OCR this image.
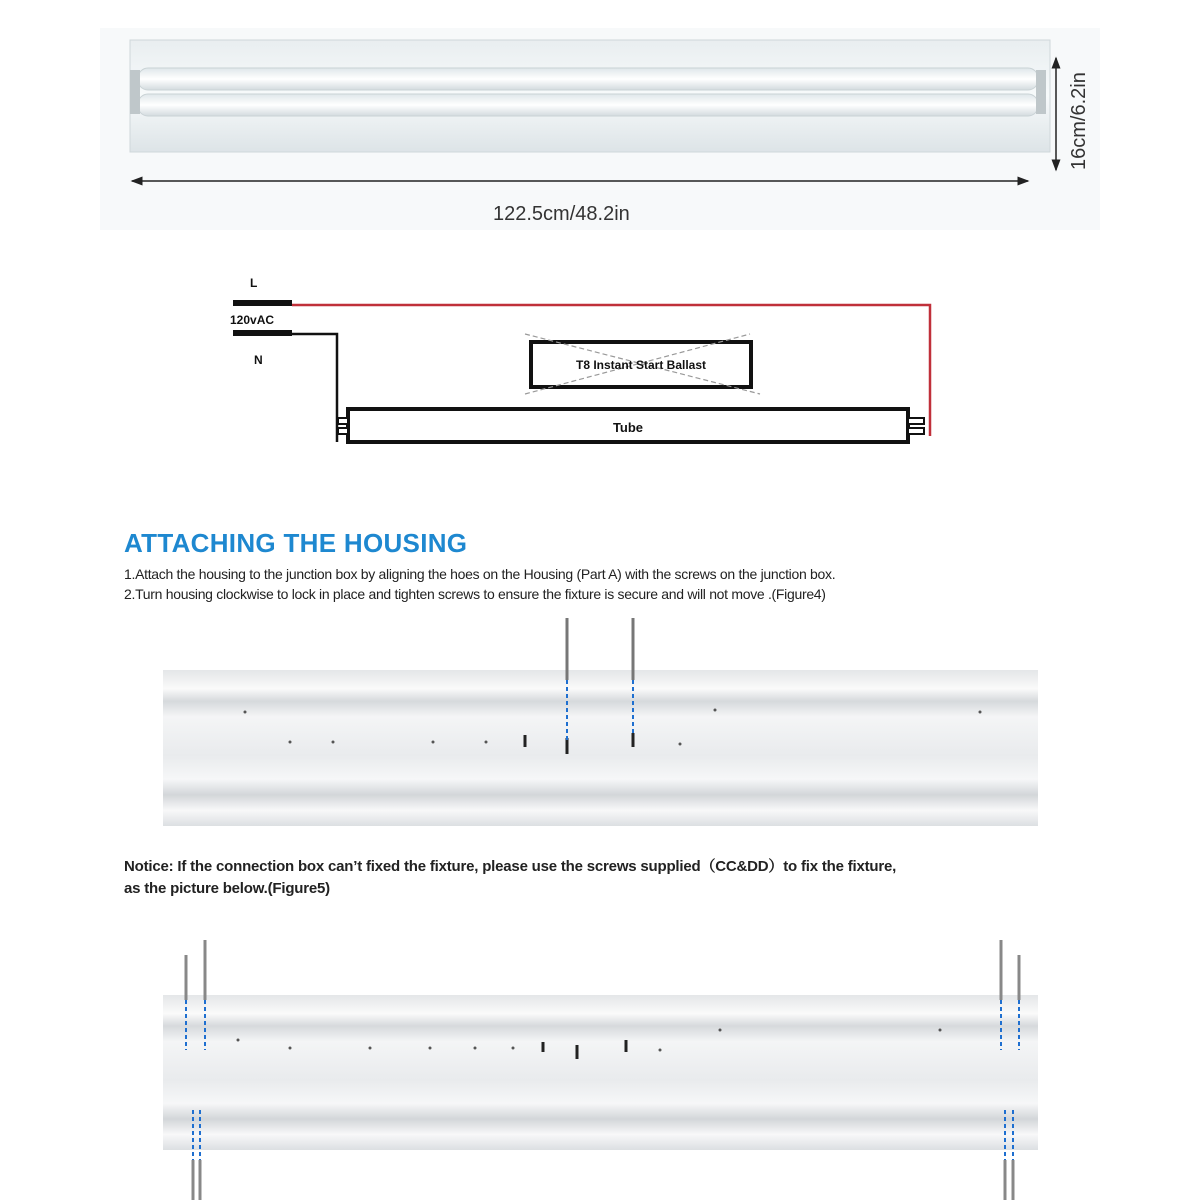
122.5cm/48.2in
16cm/6.2in
L
120vAC
N	T8 Instant Start Ballast
Tube
ATTACHING THE HOUSING
1.Attach the housing to the junction box by aligning the hoes on the Housing (Part A) with the screws on the junction box.
2.Turn housing clockwise to lock in place and tighten screws to ensure the fixture is secure and will not move .(Figure4)
Notice: If the connection box can’t fixed the fixture, please use the screws supplied（CC&DD）to fix the fixture,
as the picture below.(Figure5)
